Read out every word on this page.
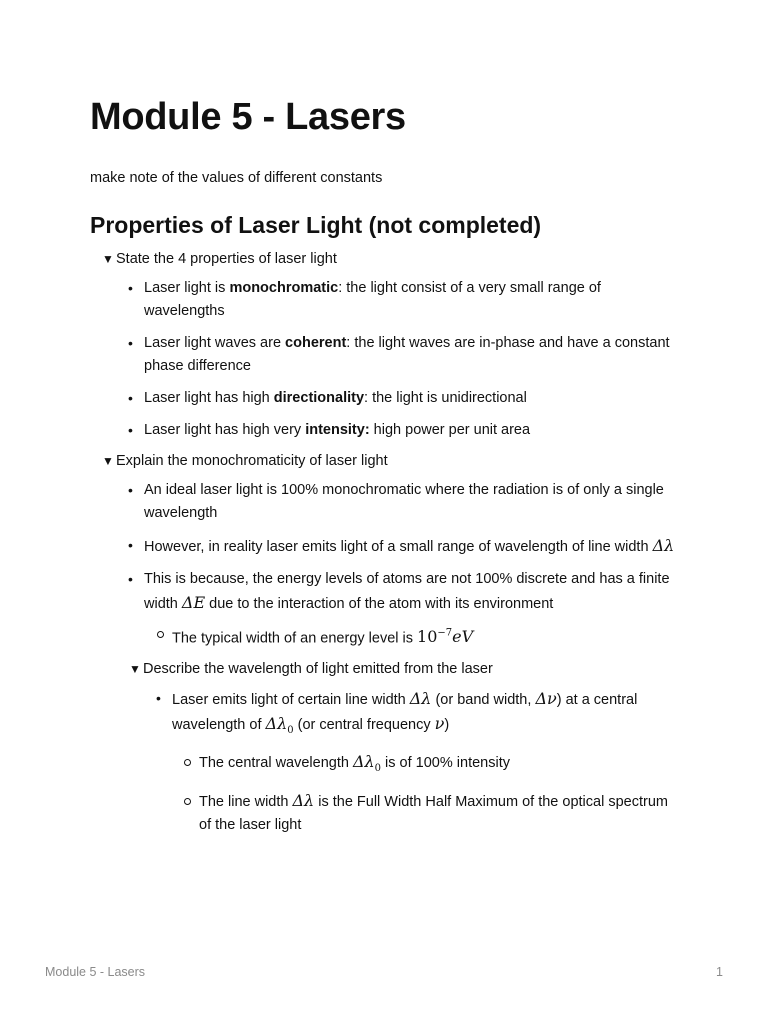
Module 5 - Lasers
make note of the values of different constants
Properties of Laser Light (not completed)
▼ State the 4 properties of laser light
• Laser light is monochromatic: the light consist of a very small range of wavelengths
• Laser light waves are coherent: the light waves are in-phase and have a constant phase difference
• Laser light has high directionality: the light is unidirectional
• Laser light has high very intensity: high power per unit area
▼ Explain the monochromaticity of laser light
• An ideal laser light is 100% monochromatic where the radiation is of only a single wavelength
• However, in reality laser emits light of a small range of wavelength of line width Δλ
• This is because, the energy levels of atoms are not 100% discrete and has a finite width ΔE due to the interaction of the atom with its environment
The typical width of an energy level is $10^{-7}eV$
▼ Describe the wavelength of light emitted from the laser
• Laser emits light of certain line width Δλ (or band width, Δν) at a central wavelength of $\Delta\lambda_0$ (or central frequency ν)
The central wavelength $\Delta\lambda_0$ is of 100% intensity
The line width Δλ is the Full Width Half Maximum of the optical spectrum of the laser light
Module 5 - Lasers	1
